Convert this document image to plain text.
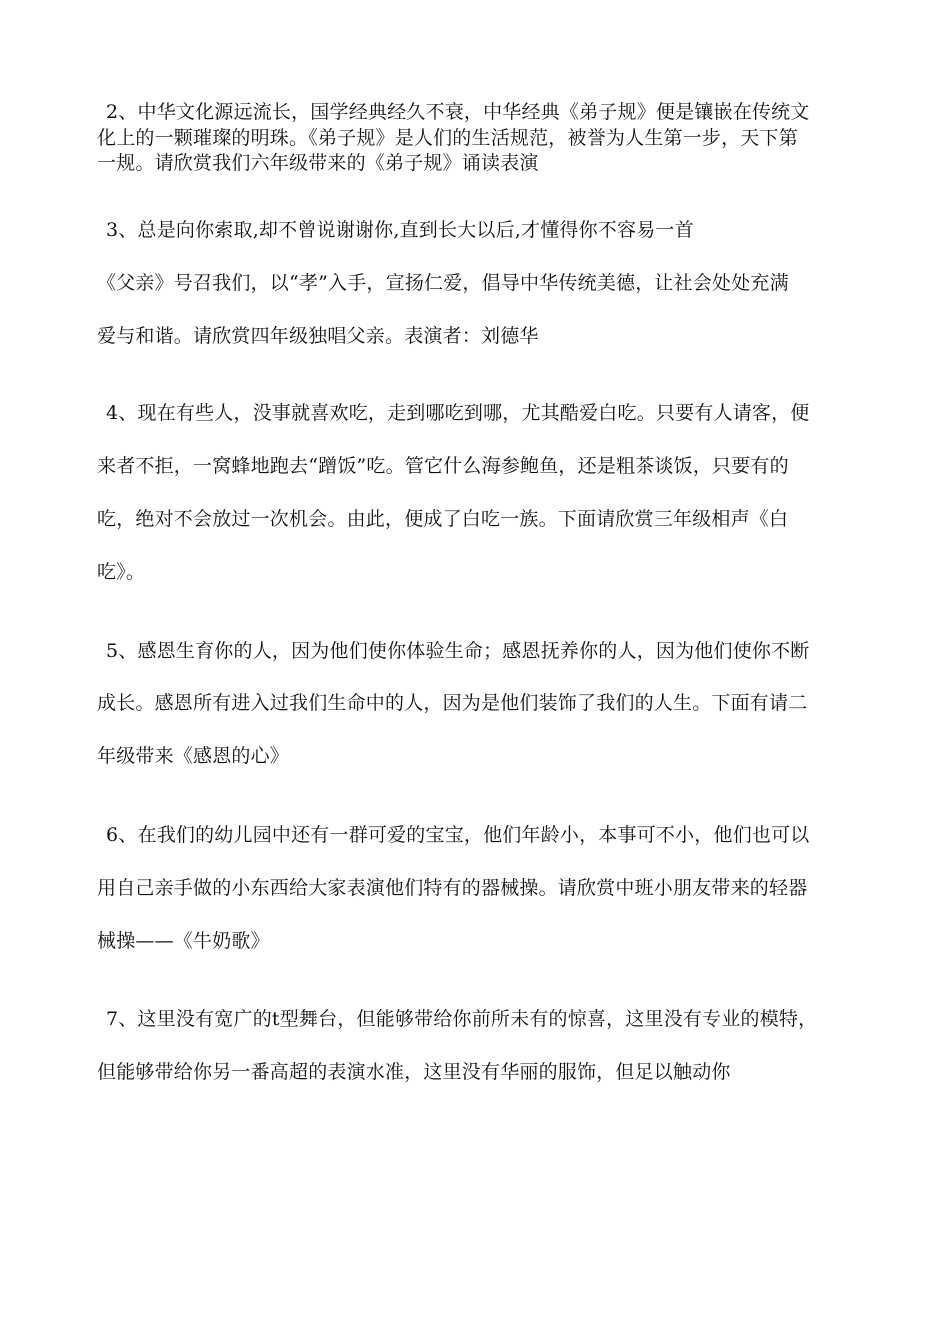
2、中华文化源远流长，国学经典经久不衰，中华经典《弟子规》便是镶嵌在传统文
化上的一颗璀璨的明珠。《弟子规》是人们的生活规范，被誉为人生第一步，天下第
一规。请欣赏我们六年级带来的《弟子规》诵读表演
3、总是向你索取,却不曾说谢谢你,直到长大以后,才懂得你不容易一首
《父亲》号召我们，以“孝”入手，宣扬仁爱，倡导中华传统美德，让社会处处充满
爱与和谐。请欣赏四年级独唱父亲。表演者：刘德华
4、现在有些人，没事就喜欢吃，走到哪吃到哪，尤其酷爱白吃。只要有人请客，便
来者不拒，一窝蜂地跑去“蹭饭”吃。管它什么海参鲍鱼，还是粗茶谈饭，只要有的
吃，绝对不会放过一次机会。由此，便成了白吃一族。下面请欣赏三年级相声《白
吃》。
5、感恩生育你的人，因为他们使你体验生命；感恩抚养你的人，因为他们使你不断
成长。感恩所有进入过我们生命中的人，因为是他们装饰了我们的人生。下面有请二
年级带来《感恩的心》
6、在我们的幼儿园中还有一群可爱的宝宝，他们年龄小，本事可不小，他们也可以
用自己亲手做的小东西给大家表演他们特有的器械操。请欣赏中班小朋友带来的轻器
械操——《牛奶歌》
7、这里没有宽广的t型舞台，但能够带给你前所未有的惊喜，这里没有专业的模特，
但能够带给你另一番高超的表演水准，这里没有华丽的服饰，但足以触动你
